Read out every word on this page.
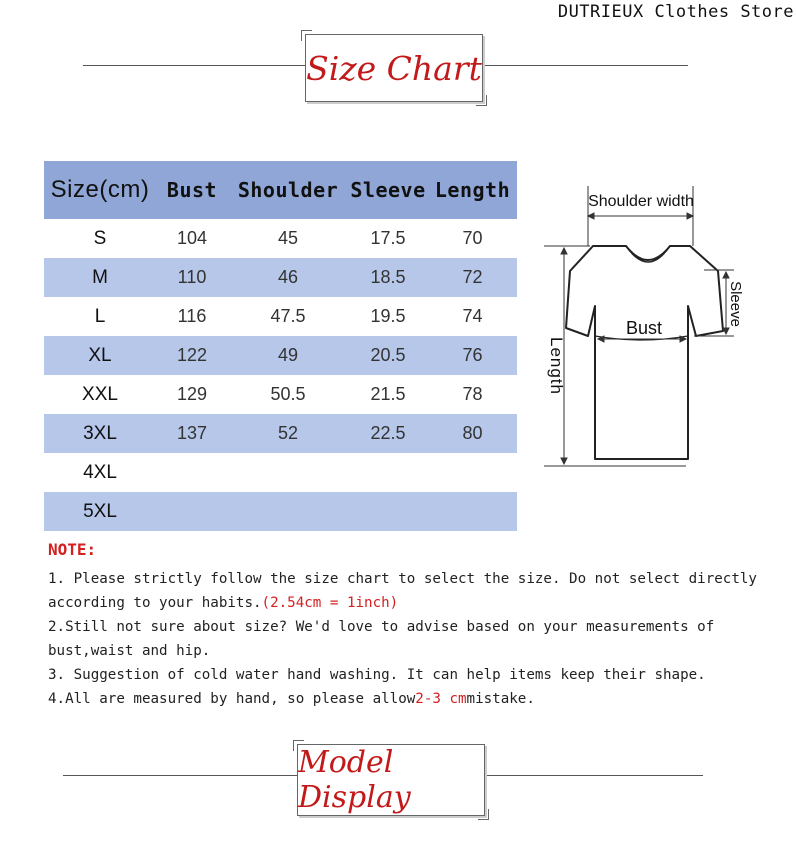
DUTRIEUX Clothes Store
Size Chart
Size(cm)	Bust	Shoulder	Sleeve	Length
S	104	45	17.5	70
M	110	46	18.5	72
L	116	47.5	19.5	74
XL	122	49	20.5	76
XXL	129	50.5	21.5	78
3XL	137	52	22.5	80
4XL				
5XL				
Shoulder width
Bust
Sleeve
Length
NOTE:

1. Please strictly follow the size chart to select the size. Do not select directly according to your habits.(2.54cm = 1inch)

2.Still not sure about size? We'd love to advise based on your measurements of bust,waist and hip.

3. Suggestion of cold water hand washing. It can help items keep their shape.

4.All are measured by hand, so please allow2-3 cmmistake.

Model Display
